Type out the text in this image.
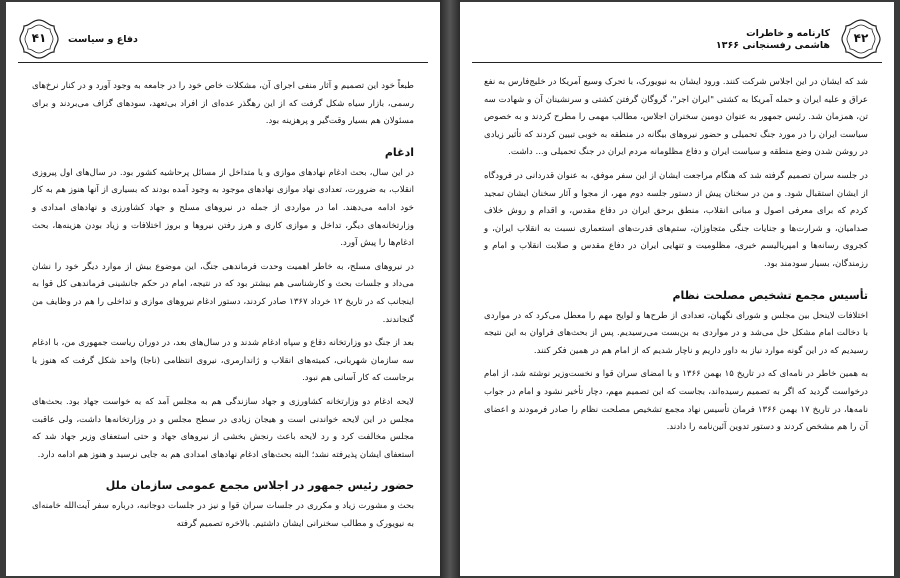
۴۱	دفاع و سیاست

طبعاً خود این تصمیم و آثار منفی اجرای آن، مشکلات خاص خود را در جامعه به وجود آورد و در کنار نرخ‌های رسمی، بازار سیاه شکل گرفت که از این رهگذر عده‌ای از افراد بی‌تعهد، سودهای گزاف می‌بردند و برای مسئولان هم بسیار وقت‌گیر و پرهزینه بود.

ادغام

در این سال، بحث ادغام نهادهای موازی و یا متداخل از مسائل پرحاشیه کشور بود. در سال‌های اول پیروزی انقلاب، به ضرورت، تعدادی نهاد موازی نهادهای موجود به وجود آمده بودند که بسیاری از آنها هنوز هم به کار خود ادامه می‌دهند. اما در مواردی از جمله در نیروهای مسلح و جهاد کشاورزی و نهادهای امدادی و وزارتخانه‌های دیگر، تداخل و موازی کاری و هرز رفتن نیروها و بروز اختلافات و زیاد بودن هزینه‌ها، بحث ادغام‌ها را پیش آورد.

در نیروهای مسلح، به خاطر اهمیت وحدت فرماندهی جنگ، این موضوع بیش از موارد دیگر خود را نشان می‌داد و جلسات بحث و کارشناسی هم بیشتر بود که در نتیجه، امام در حکم جانشینی فرماندهی کل قوا به اینجانب که در تاریخ ۱۲ خرداد ۱۳۶۷ صادر کردند، دستور ادغام نیروهای موازی و تداخلی را هم در وظایف من گنجاندند.

بعد از جنگ دو وزارتخانه دفاع و سپاه ادغام شدند و در سال‌های بعد، در دوران ریاست جمهوری من، با ادغام سه سازمان شهربانی، کمیته‌های انقلاب و ژاندارمری، نیروی انتظامی (ناجا) واحد شکل گرفت که هنوز یا برجاست که کار آسانی هم نبود.

لایحه ادغام دو وزارتخانه کشاورزی و جهاد سازندگی هم به مجلس آمد که به خواست جهاد بود. بحث‌های مجلس در این لایحه خواندنی است و هیجان زیادی در سطح مجلس و در وزارتخانه‌ها داشت، ولی عاقبت مجلس مخالفت کرد و رد لایحه باعث رنجش بخشی از نیروهای جهاد و حتی استعفای وزیر جهاد شد که استعفای ایشان پذیرفته نشد؛ البته بحث‌های ادغام نهادهای امدادی هم به جایی نرسید و هنوز هم ادامه دارد.

حضور رئیس جمهور در اجلاس مجمع عمومی سازمان ملل

بحث و مشورت زیاد و مکرری در جلسات سران قوا و نیز در جلسات دوجانبه، درباره سفر آیت‌الله خامنه‌ای به نیویورک و مطالب سخنرانی ایشان داشتیم. بالاخره تصمیم گرفته

۴۲
کارنامه و خاطرات
هاشمی رفسنجانی ۱۳۶۶

شد که ایشان در این اجلاس شرکت کنند. ورود ایشان به نیویورک، با تحرک وسیع آمریکا در خلیج‌فارس به نفع عراق و علیه ایران و حمله آمریکا به کشتی "ایران اجر"، گروگان گرفتن کشتی و سرنشینان آن و شهادت سه تن، همزمان شد. رئیس جمهور به عنوان دومین سخنران اجلاس، مطالب مهمی را مطرح کردند و به خصوص سیاست ایران را در مورد جنگ تحمیلی و حضور نیروهای بیگانه در منطقه به خوبی تبیین کردند که تأثیر زیادی در روشن شدن وضع منطقه و سیاست ایران و دفاع مظلومانه مردم ایران در جنگ تحمیلی و... داشت.

در جلسه سران تصمیم گرفته شد که هنگام مراجعت ایشان از این سفر موفق، به عنوان قدردانی در فرودگاه از ایشان استقبال شود. و من در سخنان پیش از دستور جلسه دوم مهر، از مجوا و آثار سخنان ایشان تمجید کردم که برای معرفی اصول و مبانی انقلاب، منطق برحق ایران در دفاع مقدس، و اقدام و روش خلاف صدامیان، و شرارت‌ها و جنایات جنگی متجاوزان، ستم‌های قدرت‌های استعماری نسبت به انقلاب ایران، و کجروی رسانه‌ها و امپریالیسم خبری، مظلومیت و تنهایی ایران در دفاع مقدس و صلابت انقلاب و امام و رزمندگان، بسیار سودمند بود.

تأسیس مجمع تشخیص مصلحت نظام

اختلافات لاینحل بین مجلس و شورای نگهبان، تعدادی از طرح‌ها و لوایح مهم را معطل می‌کرد که در مواردی با دخالت امام مشکل حل می‌شد و در مواردی به بن‌بست می‌رسیدیم. پس از بحث‌های فراوان به این نتیجه رسیدیم که در این گونه موارد نیاز به داور داریم و ناچار شدیم که از امام هم در همین فکر کنند.

به همین خاطر در نامه‌ای که در تاریخ ۱۵ بهمن ۱۳۶۶ و با امضای سران قوا و نخست‌وزیر نوشته شد، از امام درخواست گردید که اگر به تصمیم رسیده‌اند، بجاست که این تصمیم مهم، دچار تأخیر نشود و امام در جواب نامه‌ها، در تاریخ ۱۷ بهمن ۱۳۶۶ فرمان تأسیس نهاد مجمع تشخیص مصلحت نظام را صادر فرمودند و اعضای آن را هم مشخص کردند و دستور تدوین آئین‌نامه را دادند.
